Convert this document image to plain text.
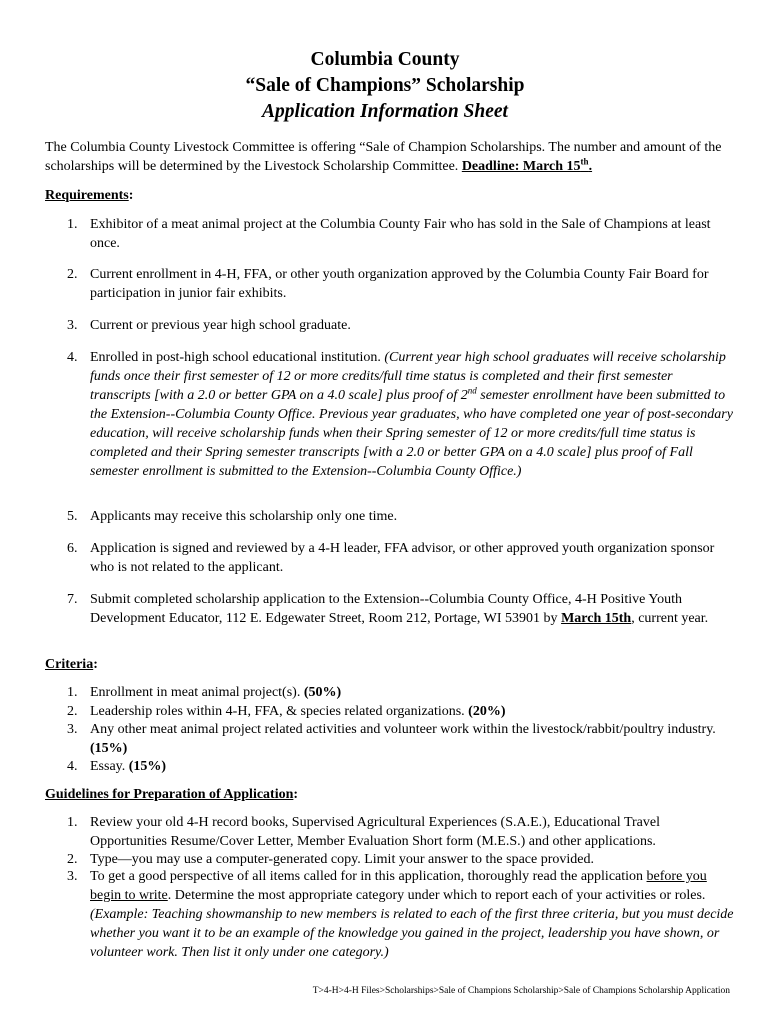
Columbia County
“Sale of Champions” Scholarship
Application Information Sheet
The Columbia County Livestock Committee is offering “Sale of Champion Scholarships. The number and amount of the scholarships will be determined by the Livestock Scholarship Committee. Deadline: March 15th.
Requirements:
1. Exhibitor of a meat animal project at the Columbia County Fair who has sold in the Sale of Champions at least once.
2. Current enrollment in 4-H, FFA, or other youth organization approved by the Columbia County Fair Board for participation in junior fair exhibits.
3. Current or previous year high school graduate.
4. Enrolled in post-high school educational institution. (Current year high school graduates will receive scholarship funds once their first semester of 12 or more credits/full time status is completed and their first semester transcripts [with a 2.0 or better GPA on a 4.0 scale] plus proof of 2nd semester enrollment have been submitted to the Extension--Columbia County Office. Previous year graduates, who have completed one year of post-secondary education, will receive scholarship funds when their Spring semester of 12 or more credits/full time status is completed and their Spring semester transcripts [with a 2.0 or better GPA on a 4.0 scale] plus proof of Fall semester enrollment is submitted to the Extension--Columbia County Office.)
5. Applicants may receive this scholarship only one time.
6. Application is signed and reviewed by a 4-H leader, FFA advisor, or other approved youth organization sponsor who is not related to the applicant.
7. Submit completed scholarship application to the Extension--Columbia County Office, 4-H Positive Youth Development Educator, 112 E. Edgewater Street, Room 212, Portage, WI 53901 by March 15th, current year.
Criteria:
1. Enrollment in meat animal project(s). (50%)
2. Leadership roles within 4-H, FFA, & species related organizations. (20%)
3. Any other meat animal project related activities and volunteer work within the livestock/rabbit/poultry industry. (15%)
4. Essay. (15%)
Guidelines for Preparation of Application:
1. Review your old 4-H record books, Supervised Agricultural Experiences (S.A.E.), Educational Travel Opportunities Resume/Cover Letter, Member Evaluation Short form (M.E.S.) and other applications.
2. Type—you may use a computer-generated copy. Limit your answer to the space provided.
3. To get a good perspective of all items called for in this application, thoroughly read the application before you begin to write. Determine the most appropriate category under which to report each of your activities or roles. (Example: Teaching showmanship to new members is related to each of the first three criteria, but you must decide whether you want it to be an example of the knowledge you gained in the project, leadership you have shown, or volunteer work. Then list it only under one category.)
T>4-H>4-H Files>Scholarships>Sale of Champions Scholarship>Sale of Champions Scholarship Application
